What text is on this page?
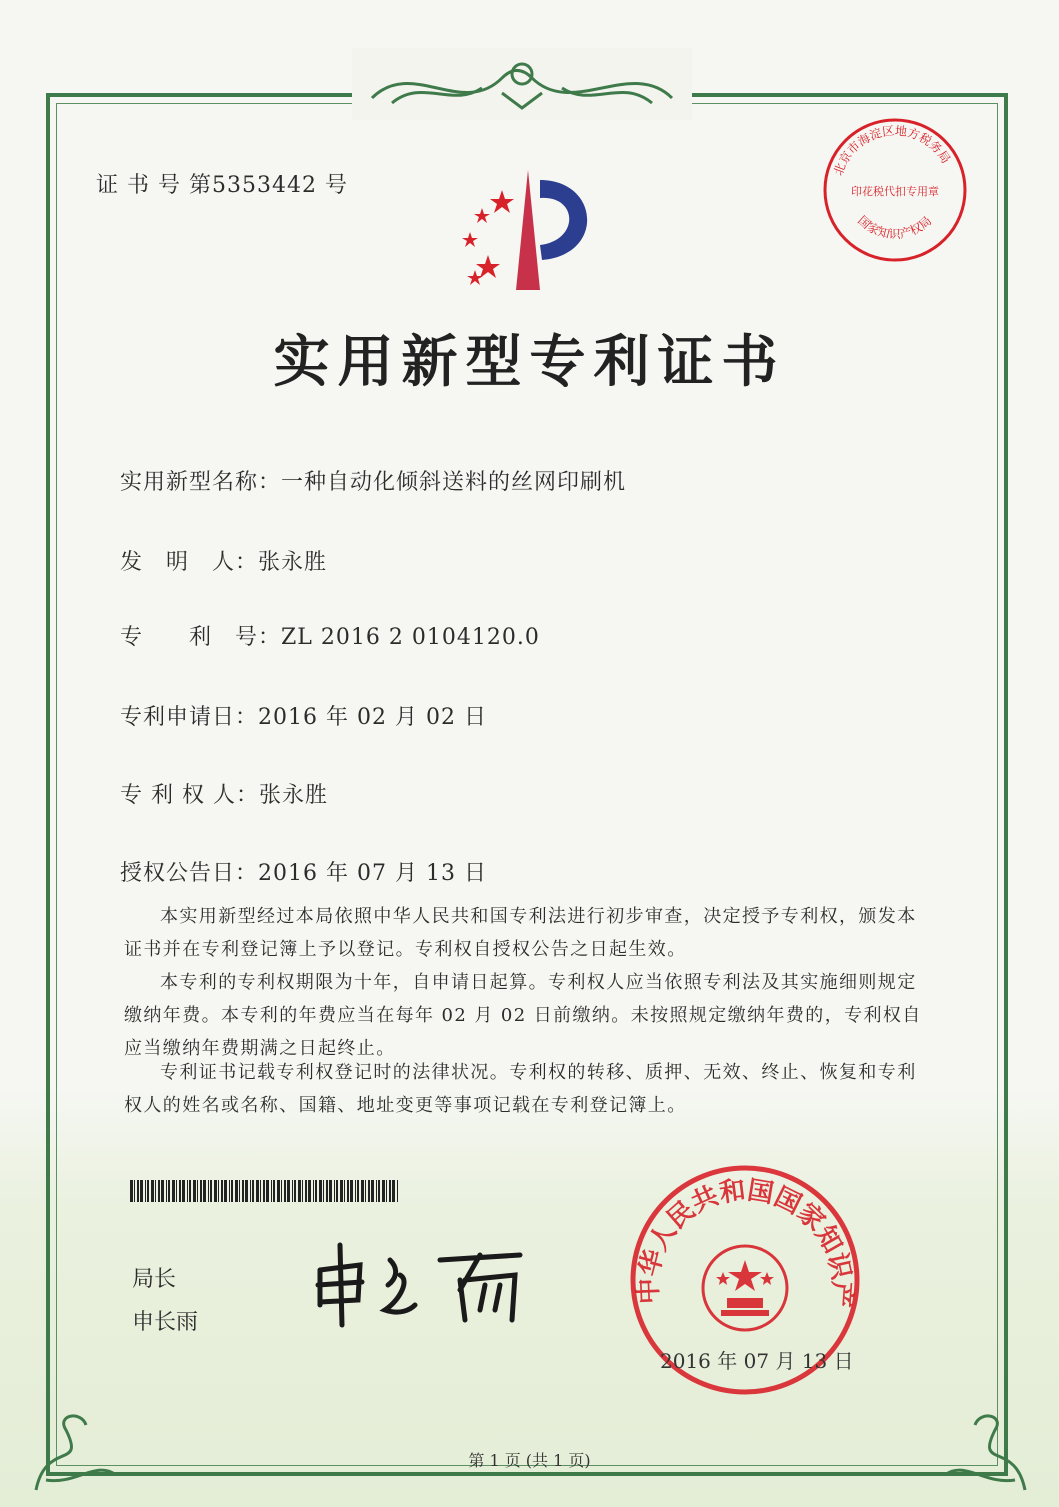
证 书 号 第5353442 号
北京市海淀区地方税务局
印花税代扣专用章
国家知识产权局
实用新型专利证书
实用新型名称：一种自动化倾斜送料的丝网印刷机
发　明　人：张永胜
专　　利　号：ZL 2016 2 0104120.0
专利申请日：2016 年 02 月 02 日
专 利 权 人：张永胜
授权公告日：2016 年 07 月 13 日
本实用新型经过本局依照中华人民共和国专利法进行初步审查，决定授予专利权，颁发本证书并在专利登记簿上予以登记。专利权自授权公告之日起生效。
本专利的专利权期限为十年，自申请日起算。专利权人应当依照专利法及其实施细则规定缴纳年费。本专利的年费应当在每年 02 月 02 日前缴纳。未按照规定缴纳年费的，专利权自应当缴纳年费期满之日起终止。
专利证书记载专利权登记时的法律状况。专利权的转移、质押、无效、终止、恢复和专利权人的姓名或名称、国籍、地址变更等事项记载在专利登记簿上。
局长
申长雨
中华人民共和国国家知识产
2016 年 07 月 13 日
第 1 页 (共 1 页)
